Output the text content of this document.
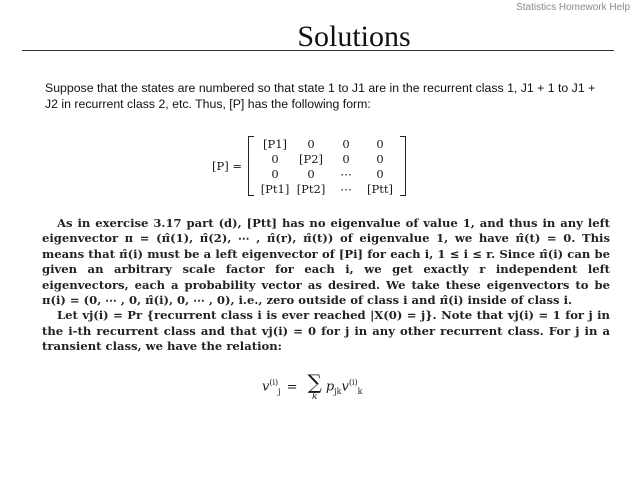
Statistics Homework Help
Solutions
Suppose that the states are numbered so that state 1 to J1 are in the recurrent class 1, J1 + 1 to J1 + J2 in recurrent class 2, etc. Thus, [P] has the following form:
[P] =
[P1]	0	0	0
0	[P2]	0	0
0	0	⋯	0
[Pt1] [Pt2]	⋯	[Ptt]

As in exercise 3.17 part (d), [Ptt] has no eigenvalue of value 1, and thus in any left eigenvector π = (π̂(1), π̂(2), ⋯ , π̂(r), π̂(t)) of eigenvalue 1, we have π̂(t) = 0. This means that π̂(i) must be a left eigenvector of [Pi] for each i, 1 ≤ i ≤ r. Since π̂(i) can be given an arbitrary scale factor for each i, we get exactly r independent left eigenvectors, each a probability vector as desired. We take these eigenvectors to be π(i) = (0, ⋯ , 0, π̂(i), 0, ⋯ , 0), i.e., zero outside of class i and π̂(i) inside of class i.

Let vj(i) = Pr {recurrent class i is ever reached |X(0) = j}. Note that vj(i) = 1 for j in the i-th recurrent class and that vj(i) = 0 for j in any other recurrent class. For j in a transient class, we have the relation:

$v^{(i)}_j$ = ∑
k
$p_{jk}v^{(i)}_k$
